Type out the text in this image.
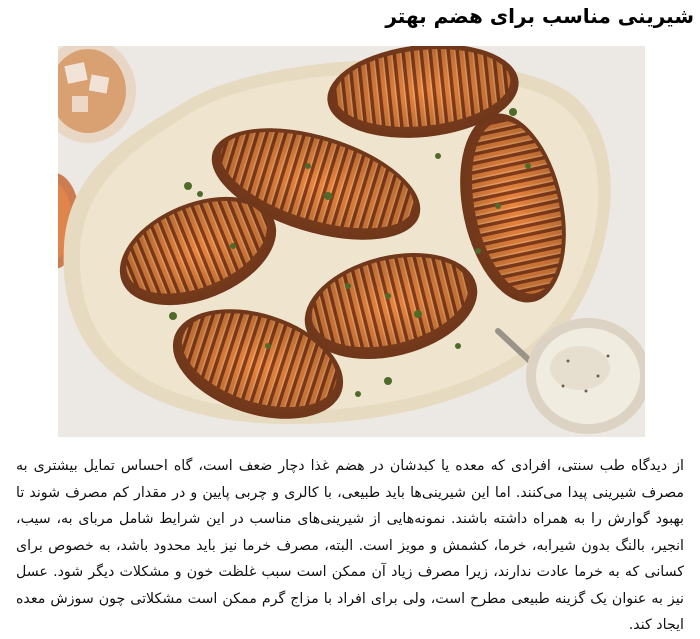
شیرینی مناسب برای هضم بهتر

از دیدگاه طب سنتی، افرادی که معده یا کبدشان در هضم غذا دچار ضعف است، گاه احساس تمایل بیشتری به مصرف شیرینی پیدا می‌کنند. اما این شیرینی‌ها باید طبیعی، با کالری و چربی پایین و در مقدار کم مصرف شوند تا بهبود گوارش را به همراه داشته باشند. نمونه‌هایی از شیرینی‌های مناسب در این شرایط شامل مربای به، سیب، انجیر، بالنگ بدون شیرابه، خرما، کشمش و مویز است. البته، مصرف خرما نیز باید محدود باشد، به خصوص برای کسانی که به خرما عادت ندارند، زیرا مصرف زیاد آن ممکن است سبب غلظت خون و مشکلات دیگر شود. عسل نیز به عنوان یک گزینه طبیعی مطرح است، ولی برای افراد با مزاج گرم ممکن است مشکلاتی چون سوزش معده ایجاد کند.
